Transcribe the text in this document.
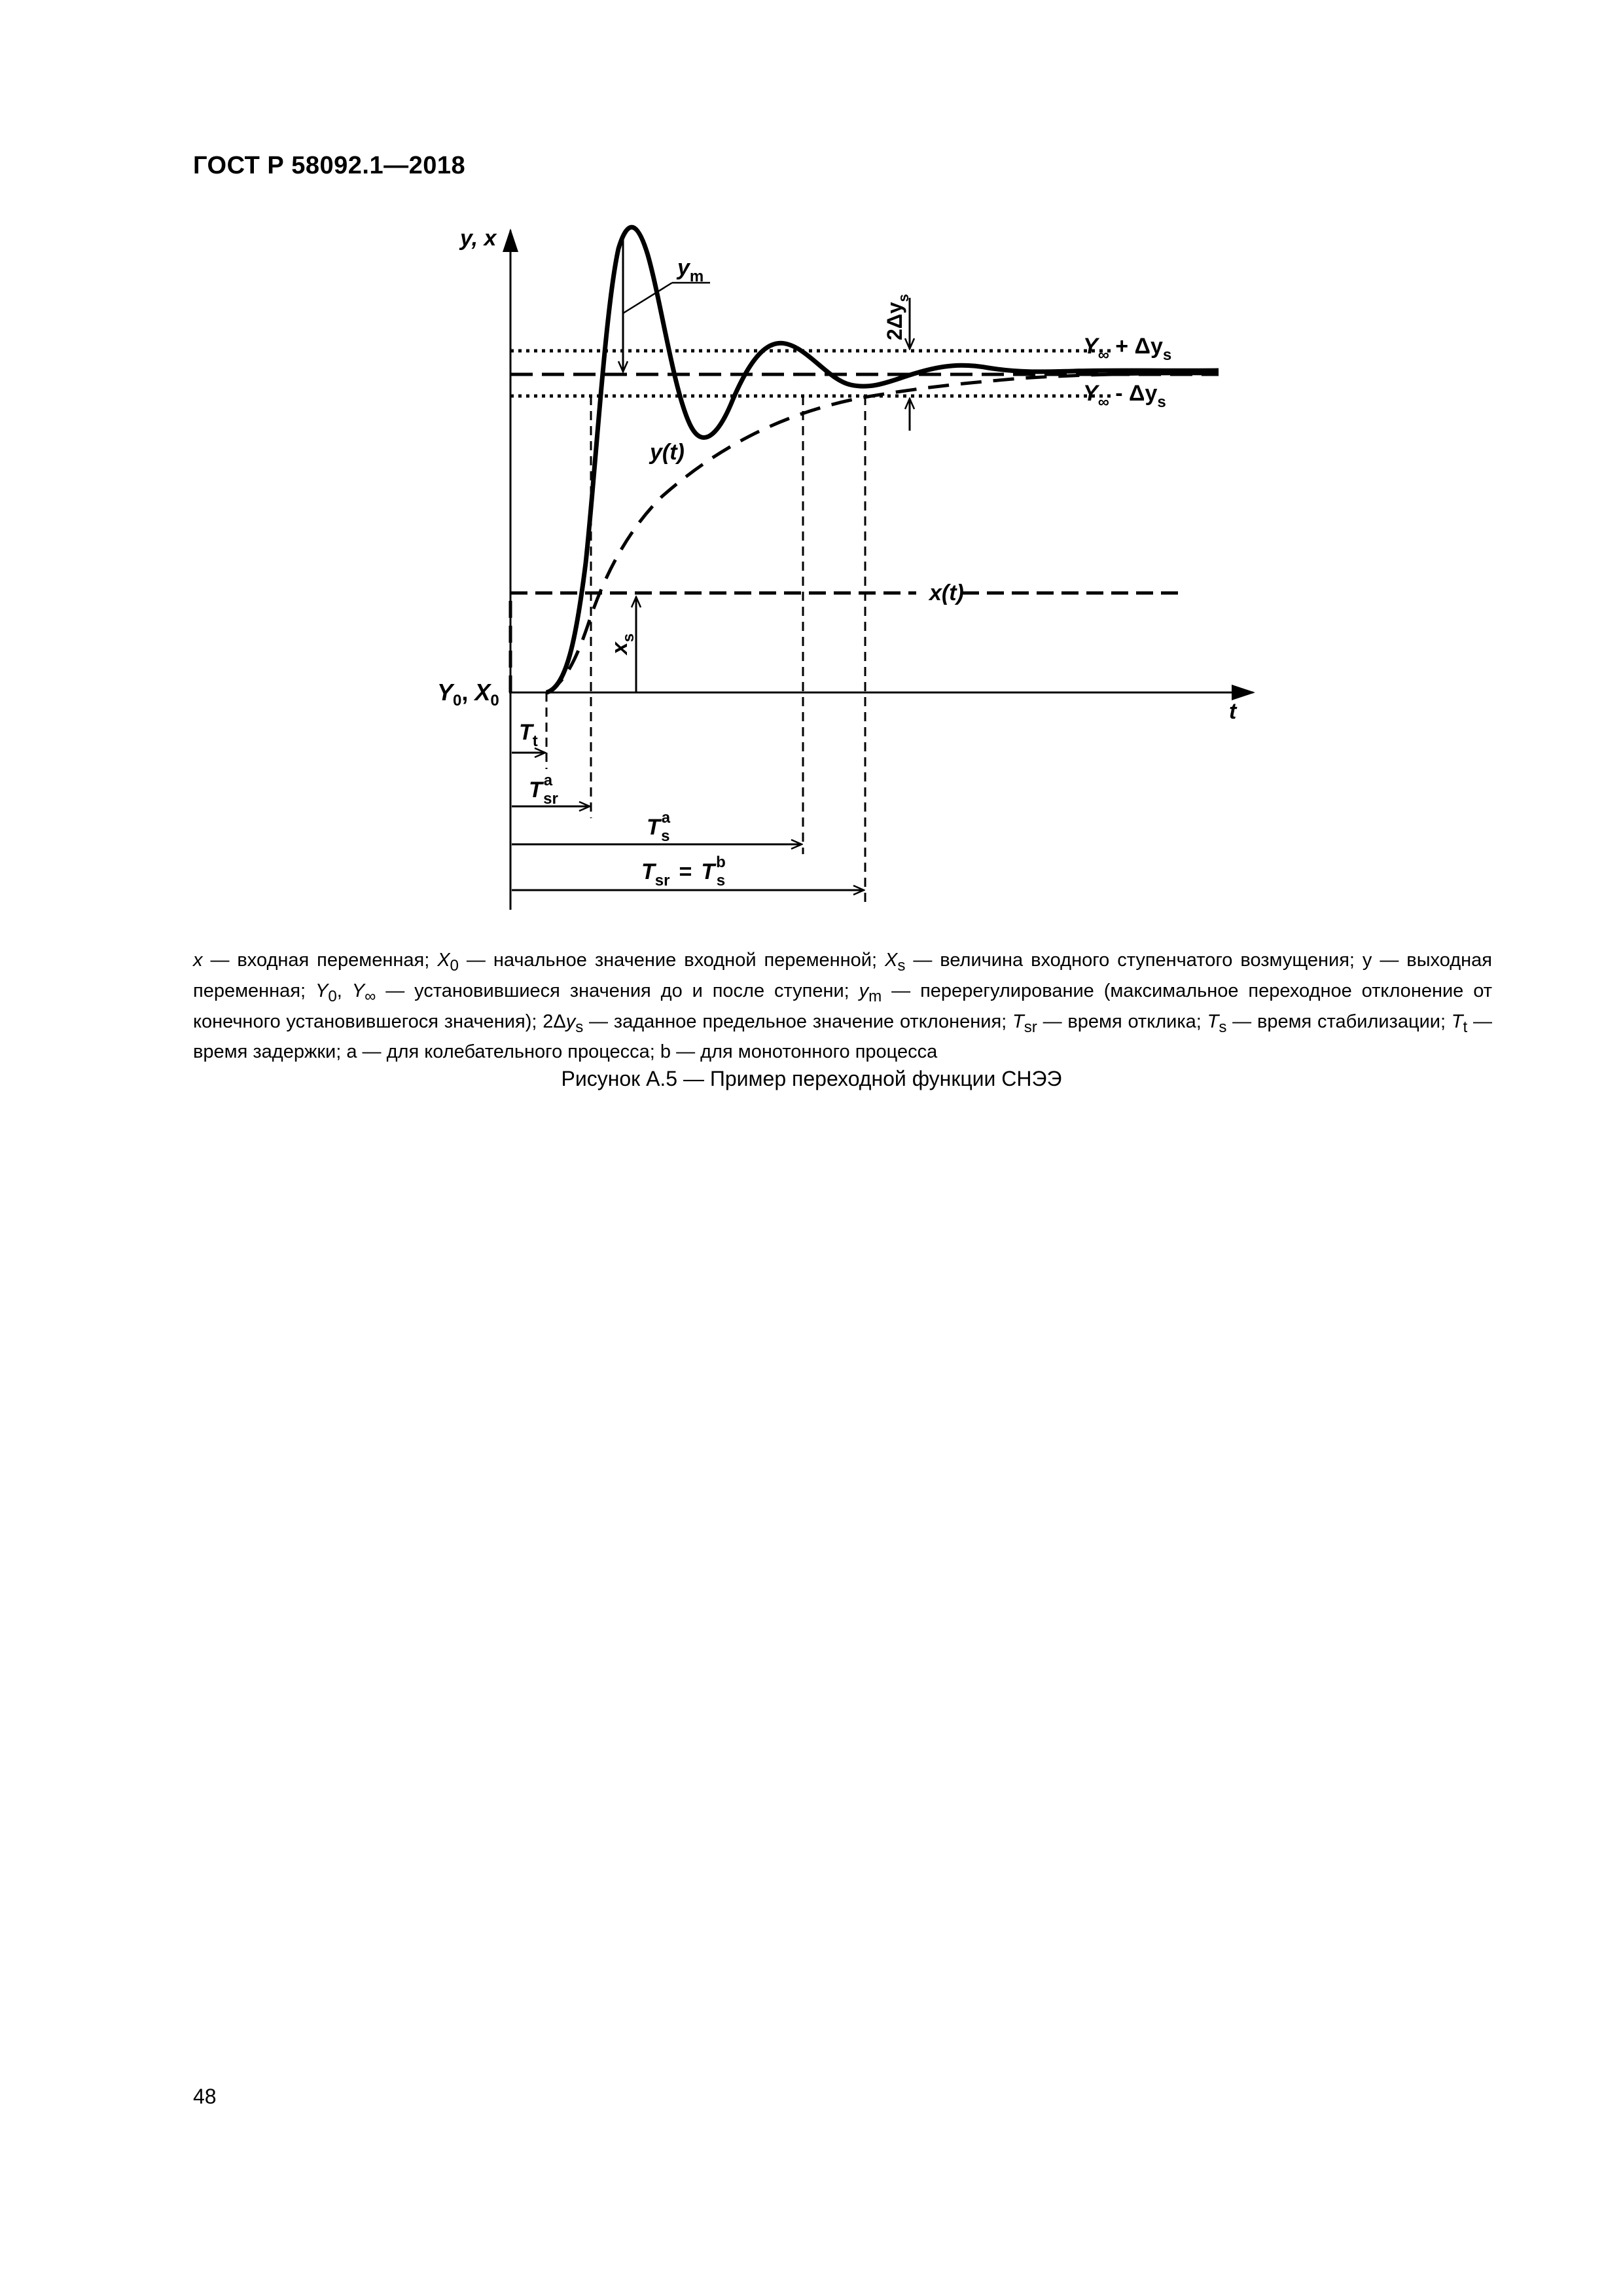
ГОСТ Р 58092.1—2018
y, x
t
$Y_0$, $X_0$
$y_m$
y(t)
x(t)
$x_s$
$2\Delta y_s$
$Y_\infty + \Delta y_s$
$Y_\infty - \Delta y_s$
$T_t$
$T^a$ sr
$T^a$ s
$T_{sr} = T^b$ s
x — входная переменная; $X_0$ — начальное значение входной переменной; $X_s$ — величина входного ступенчатого возмущения; y — выходная переменная; $Y_0$, $Y_\infty$ — установившиеся значения до и после ступени; $y_m$ — перерегулирование (максимальное переходное отклонение от конечного установившегося значения); $2\Delta y_s$ — заданное предельное значение отклонения; $T_{sr}$ — время отклика; $T_s$ — время стабилизации; $T_t$ — время задержки; a — для колебательного процесса; b — для монотонного процесса
Рисунок А.5 — Пример переходной функции СНЭЭ
48
